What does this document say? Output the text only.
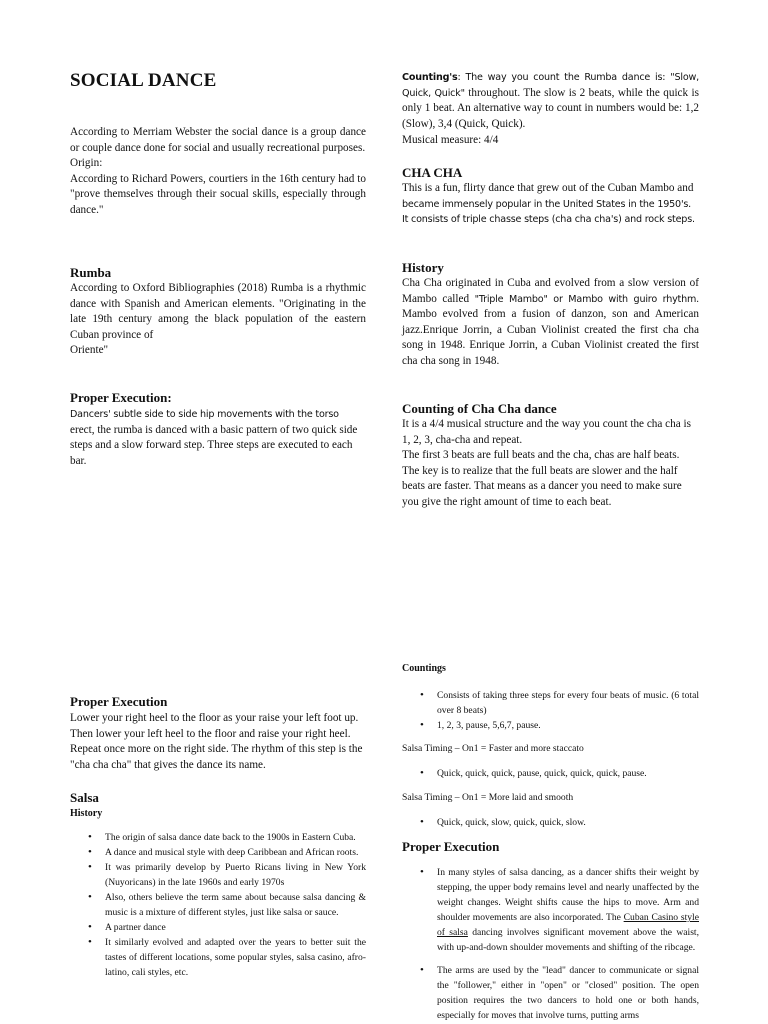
SOCIAL DANCE

According to Merriam Webster the social dance is a group dance or couple dance done for social and usually recreational purposes.

Origin:

According to Richard Powers, courtiers in the 16th century had to "prove themselves through their socual skills, especially through dance."

Rumba

According to Oxford Bibliographies (2018) Rumba is a rhythmic dance with Spanish and American elements. "Originating in the late 19th century among the black population of the eastern Cuban province of

Oriente"

Proper Execution:

Dancers' subtle side to side hip movements with the torso

erect, the rumba is danced with a basic pattern of two quick side steps and a slow forward step. Three steps are executed to each bar.

Proper Execution
Lower your right heel to the floor as your raise your left foot up. Then lower your left heel to the floor and raise your right heel. Repeat once more on the right side. The rhythm of this step is the "cha cha cha" that gives the dance its name.
Salsa
History
• The origin of salsa dance date back to the 1900s in Eastern Cuba.
• A dance and musical style with deep Caribbean and African roots.
• It was primarily develop by Puerto Ricans living in New York (Nuyoricans) in the late 1960s and early 1970s
• Also, others believe the term same about because salsa dancing & music is a mixture of different styles, just like salsa or sauce.
• A partner dance
• It similarly evolved and adapted over the years to better suit the tastes of different locations, some popular styles, salsa casino, afro-latino, cali styles, etc.
Counting's: The way you count the Rumba dance is: "Slow, Quick, Quick" throughout. The slow is 2 beats, while the quick is only 1 beat. An alternative way to count in numbers would be: 1,2 (Slow), 3,4 (Quick, Quick).
Musical measure: 4/4
CHA CHA

This is a fun, flirty dance that grew out of the Cuban Mambo and

became immensely popular in the United States in the 1950's. It consists of triple chasse steps (cha cha cha's) and rock steps.

History
Cha Cha originated in Cuba and evolved from a slow version of Mambo called "Triple Mambo" or Mambo with guiro rhythm. Mambo evolved from a fusion of danzon, son and American jazz.Enrique Jorrin, a Cuban Violinist created the first cha cha song in 1948. Enrique Jorrin, a Cuban Violinist created the first cha cha song in 1948.
Counting of Cha Cha dance

It is a 4/4 musical structure and the way you count the cha cha is 1, 2, 3, cha-cha and repeat.

The first 3 beats are full beats and the cha, chas are half beats. The key is to realize that the full beats are slower and the half beats are faster. That means as a dancer you need to make sure you give the right amount of time to each beat.

Countings
• Consists of taking three steps for every four beats of music. (6 total over 8 beats)
• 1, 2, 3, pause, 5,6,7, pause.
Salsa Timing – On1 = Faster and more staccato
• Quick, quick, quick, pause, quick, quick, quick, pause.
Salsa Timing – On1 = More laid and smooth
• Quick, quick, slow, quick, quick, slow.
Proper Execution
• In many styles of salsa dancing, as a dancer shifts their weight by stepping, the upper body remains level and nearly unaffected by the weight changes. Weight shifts cause the hips to move. Arm and shoulder movements are also incorporated. The Cuban Casino style of salsa dancing involves significant movement above the waist, with up-and-down shoulder movements and shifting of the ribcage.
• The arms are used by the "lead" dancer to communicate or signal the "follower," either in "open" or "closed" position. The open position requires the two dancers to hold one or both hands, especially for moves that involve turns, putting arms
